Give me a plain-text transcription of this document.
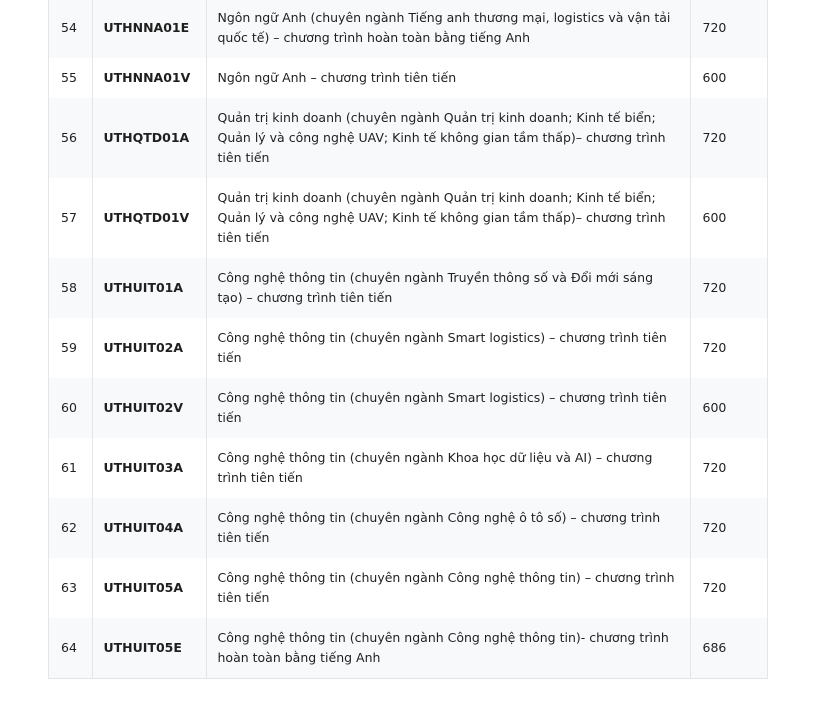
54	UTHNNA01E	Ngôn ngữ Anh (chuyên ngành Tiếng anh thương mại, logistics và vận tải quốc tế) – chương trình hoàn toàn bằng tiếng Anh	720
55	UTHNNA01V	Ngôn ngữ Anh – chương trình tiên tiến	600
56	UTHQTD01A	Quản trị kinh doanh (chuyên ngành Quản trị kinh doanh; Kinh tế biển; Quản lý và công nghệ UAV; Kinh tế không gian tầm thấp)– chương trình tiên tiến	720
57	UTHQTD01V	Quản trị kinh doanh (chuyên ngành Quản trị kinh doanh; Kinh tế biển; Quản lý và công nghệ UAV; Kinh tế không gian tầm thấp)– chương trình tiên tiến	600
58	UTHUIT01A	Công nghệ thông tin (chuyên ngành Truyền thông số và Đổi mới sáng tạo) – chương trình tiên tiến	720
59	UTHUIT02A	Công nghệ thông tin (chuyên ngành Smart logistics) – chương trình tiên tiến	720
60	UTHUIT02V	Công nghệ thông tin (chuyên ngành Smart logistics) – chương trình tiên tiến	600
61	UTHUIT03A	Công nghệ thông tin (chuyên ngành Khoa học dữ liệu và AI) – chương trình tiên tiến	720
62	UTHUIT04A	Công nghệ thông tin (chuyên ngành Công nghệ ô tô số) – chương trình tiên tiến	720
63	UTHUIT05A	Công nghệ thông tin (chuyên ngành Công nghệ thông tin) – chương trình tiên tiến	720
64	UTHUIT05E	Công nghệ thông tin (chuyên ngành Công nghệ thông tin)- chương trình hoàn toàn bằng tiếng Anh	686
